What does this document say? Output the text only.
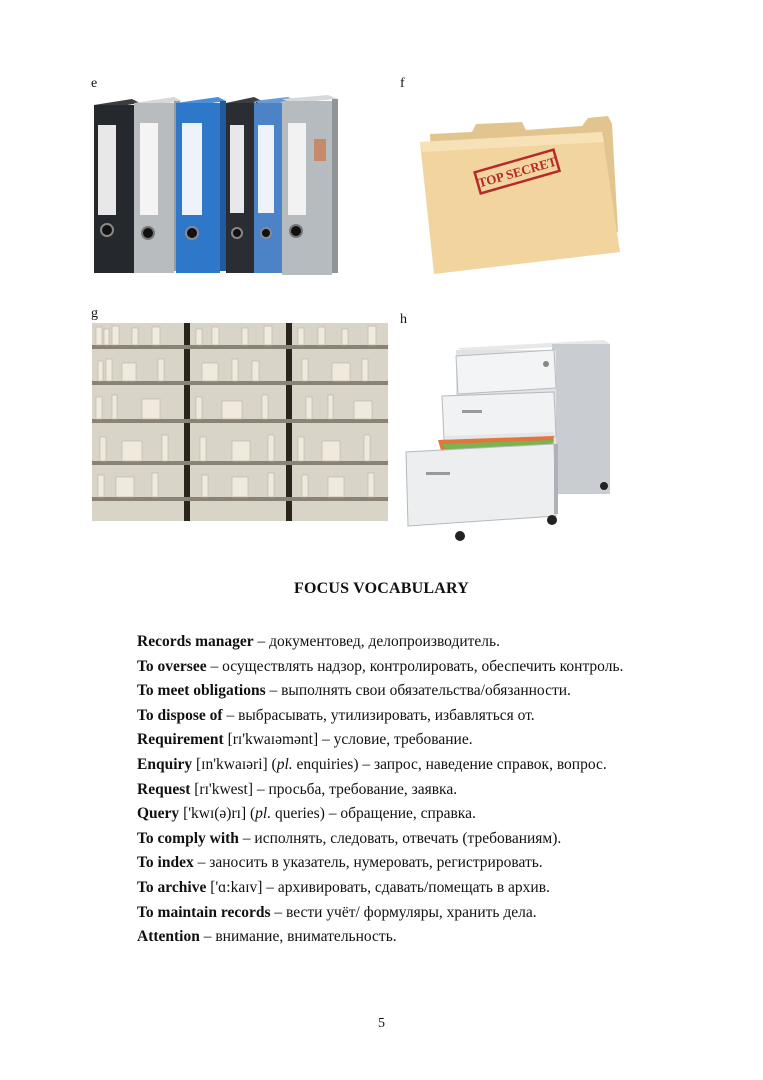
e	f
g	h
TOP SECRET
FOCUS VOCABULARY

Records manager – документовед, делопроизводитель.

To oversee – осуществлять надзор, контролировать, обеспечить контроль.

To meet obligations – выполнять свои обязательства/обязанности.

To dispose of – выбрасывать, утилизировать, избавляться от.

Requirement [rɪ'kwaɪəmənt] – условие, требование.

Enquiry [ɪn'kwaɪəri] (pl. enquiries) – запрос, наведение справок, вопрос.

Request [rɪ'kwest] – просьба, требование, заявка.

Query ['kwɪ(ə)rɪ] (pl. queries) – обращение, справка.

To comply with – исполнять, следовать, отвечать (требованиям).

To index – заносить в указатель, нумеровать, регистрировать.

To archive ['ɑ:kaɪv] – архивировать, сдавать/помещать в архив.

To maintain records – вести учёт/ формуляры, хранить дела.

Attention – внимание, внимательность.

5
